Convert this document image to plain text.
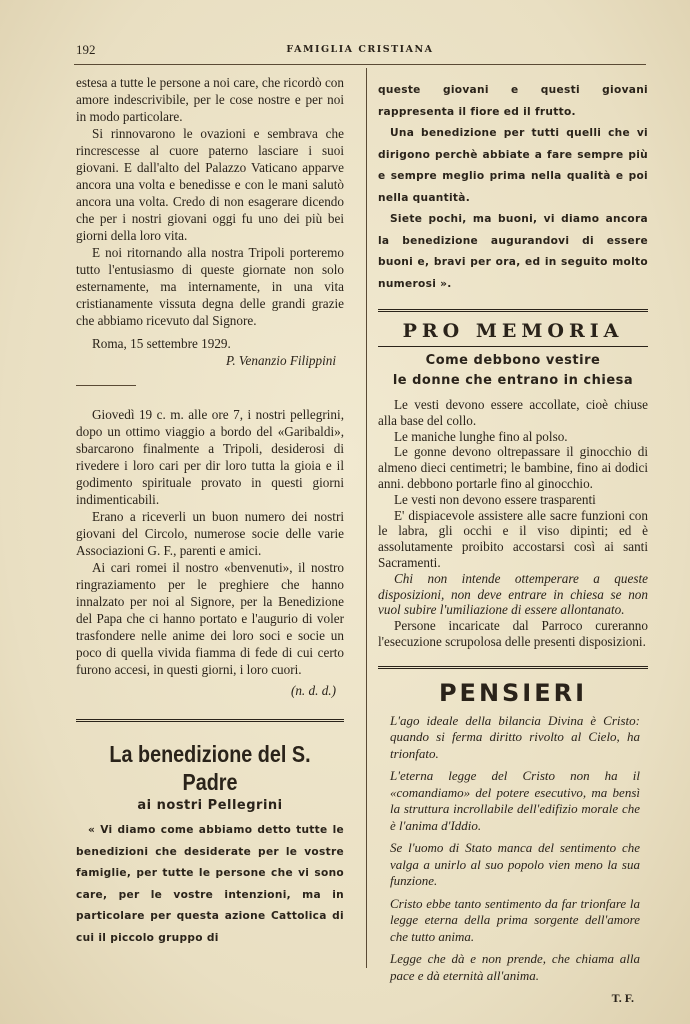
192	FAMIGLIA CRISTIANA

estesa a tutte le persone a noi care, che ricordò con amore indescrivibile, per le cose nostre e per noi in modo particolare.

Si rinnovarono le ovazioni e sembrava che rincrescesse al cuore paterno lasciare i suoi giovani. E dall'alto del Palazzo Vaticano apparve ancora una volta e benedisse e con le mani salutò ancora una volta. Credo di non esagerare dicendo che per i nostri giovani oggi fu uno dei più bei giorni della loro vita.

E noi ritornando alla nostra Tripoli porteremo tutto l'entusiasmo di queste giornate non solo esternamente, ma internamente, in una vita cristianamente vissuta degna delle grandi grazie che abbiamo ricevuto dal Signore.

Roma, 15 settembre 1929.

P. Venanzio Filippini

Giovedì 19 c. m. alle ore 7, i nostri pellegrini, dopo un ottimo viaggio a bordo del «Garibaldi», sbarcarono finalmente a Tripoli, desiderosi di rivedere i loro cari per dir loro tutta la gioia e il godimento spirituale provato in questi giorni indimenticabili.

Erano a riceverli un buon numero dei nostri giovani del Circolo, numerose socie delle varie Associazioni G. F., parenti e amici.

Ai cari romei il nostro «benvenuti», il nostro ringraziamento per le preghiere che hanno innalzato per noi al Signore, per la Benedizione del Papa che ci hanno portato e l'augurio di voler trasfondere nelle anime dei loro soci e socie un poco di quella vivida fiamma di fede di cui certo furono accesi, in questi giorni, i loro cuori.

(n. d. d.)

La benedizione del S. Padre

ai nostri Pellegrini

« Vi diamo come abbiamo detto tutte le benedizioni che desiderate per le vostre famiglie, per tutte le persone che vi sono care, per le vostre intenzioni, ma in particolare per questa azione Cattolica di cui il piccolo gruppo di

queste giovani e questi giovani rappresenta il fiore ed il frutto.

Una benedizione per tutti quelli che vi dirigono perchè abbiate a fare sempre più e sempre meglio prima nella qualità e poi nella quantità.

Siete pochi, ma buoni, vi diamo ancora la benedizione augurandovi di essere buoni e, bravi per ora, ed in seguito molto numerosi ».

PRO MEMORIA

Come debbono vestire

le donne che entrano in chiesa

Le vesti devono essere accollate, cioè chiuse alla base del collo.

Le maniche lunghe fino al polso.

Le gonne devono oltrepassare il ginocchio di almeno dieci centimetri; le bambine, fino ai dodici anni. debbono portarle fino al ginocchio.

Le vesti non devono essere trasparenti

E' dispiacevole assistere alle sacre funzioni con le labra, gli occhi e il viso dipinti; ed è assolutamente proibito accostarsi così ai santi Sacramenti.

Chi non intende ottemperare a queste disposizioni, non deve entrare in chiesa se non vuol subire l'umiliazione di essere allontanato.

Persone incaricate dal Parroco cureranno l'esecuzione scrupolosa delle presenti disposizioni.

PENSIERI

L'ago ideale della bilancia Divina è Cristo: quando si ferma diritto rivolto al Cielo, ha trionfato.

L'eterna legge del Cristo non ha il «comandiamo» del potere esecutivo, ma bensì la struttura incrollabile dell'edifizio morale che è l'anima d'Iddio.

Se l'uomo di Stato manca del sentimento che valga a unirlo al suo popolo vien meno la sua funzione.

Cristo ebbe tanto sentimento da far trionfare la legge eterna della prima sorgente dell'amore che tutto anima.

Legge che dà e non prende, che chiama alla pace e dà eternità all'anima.

T. F.
